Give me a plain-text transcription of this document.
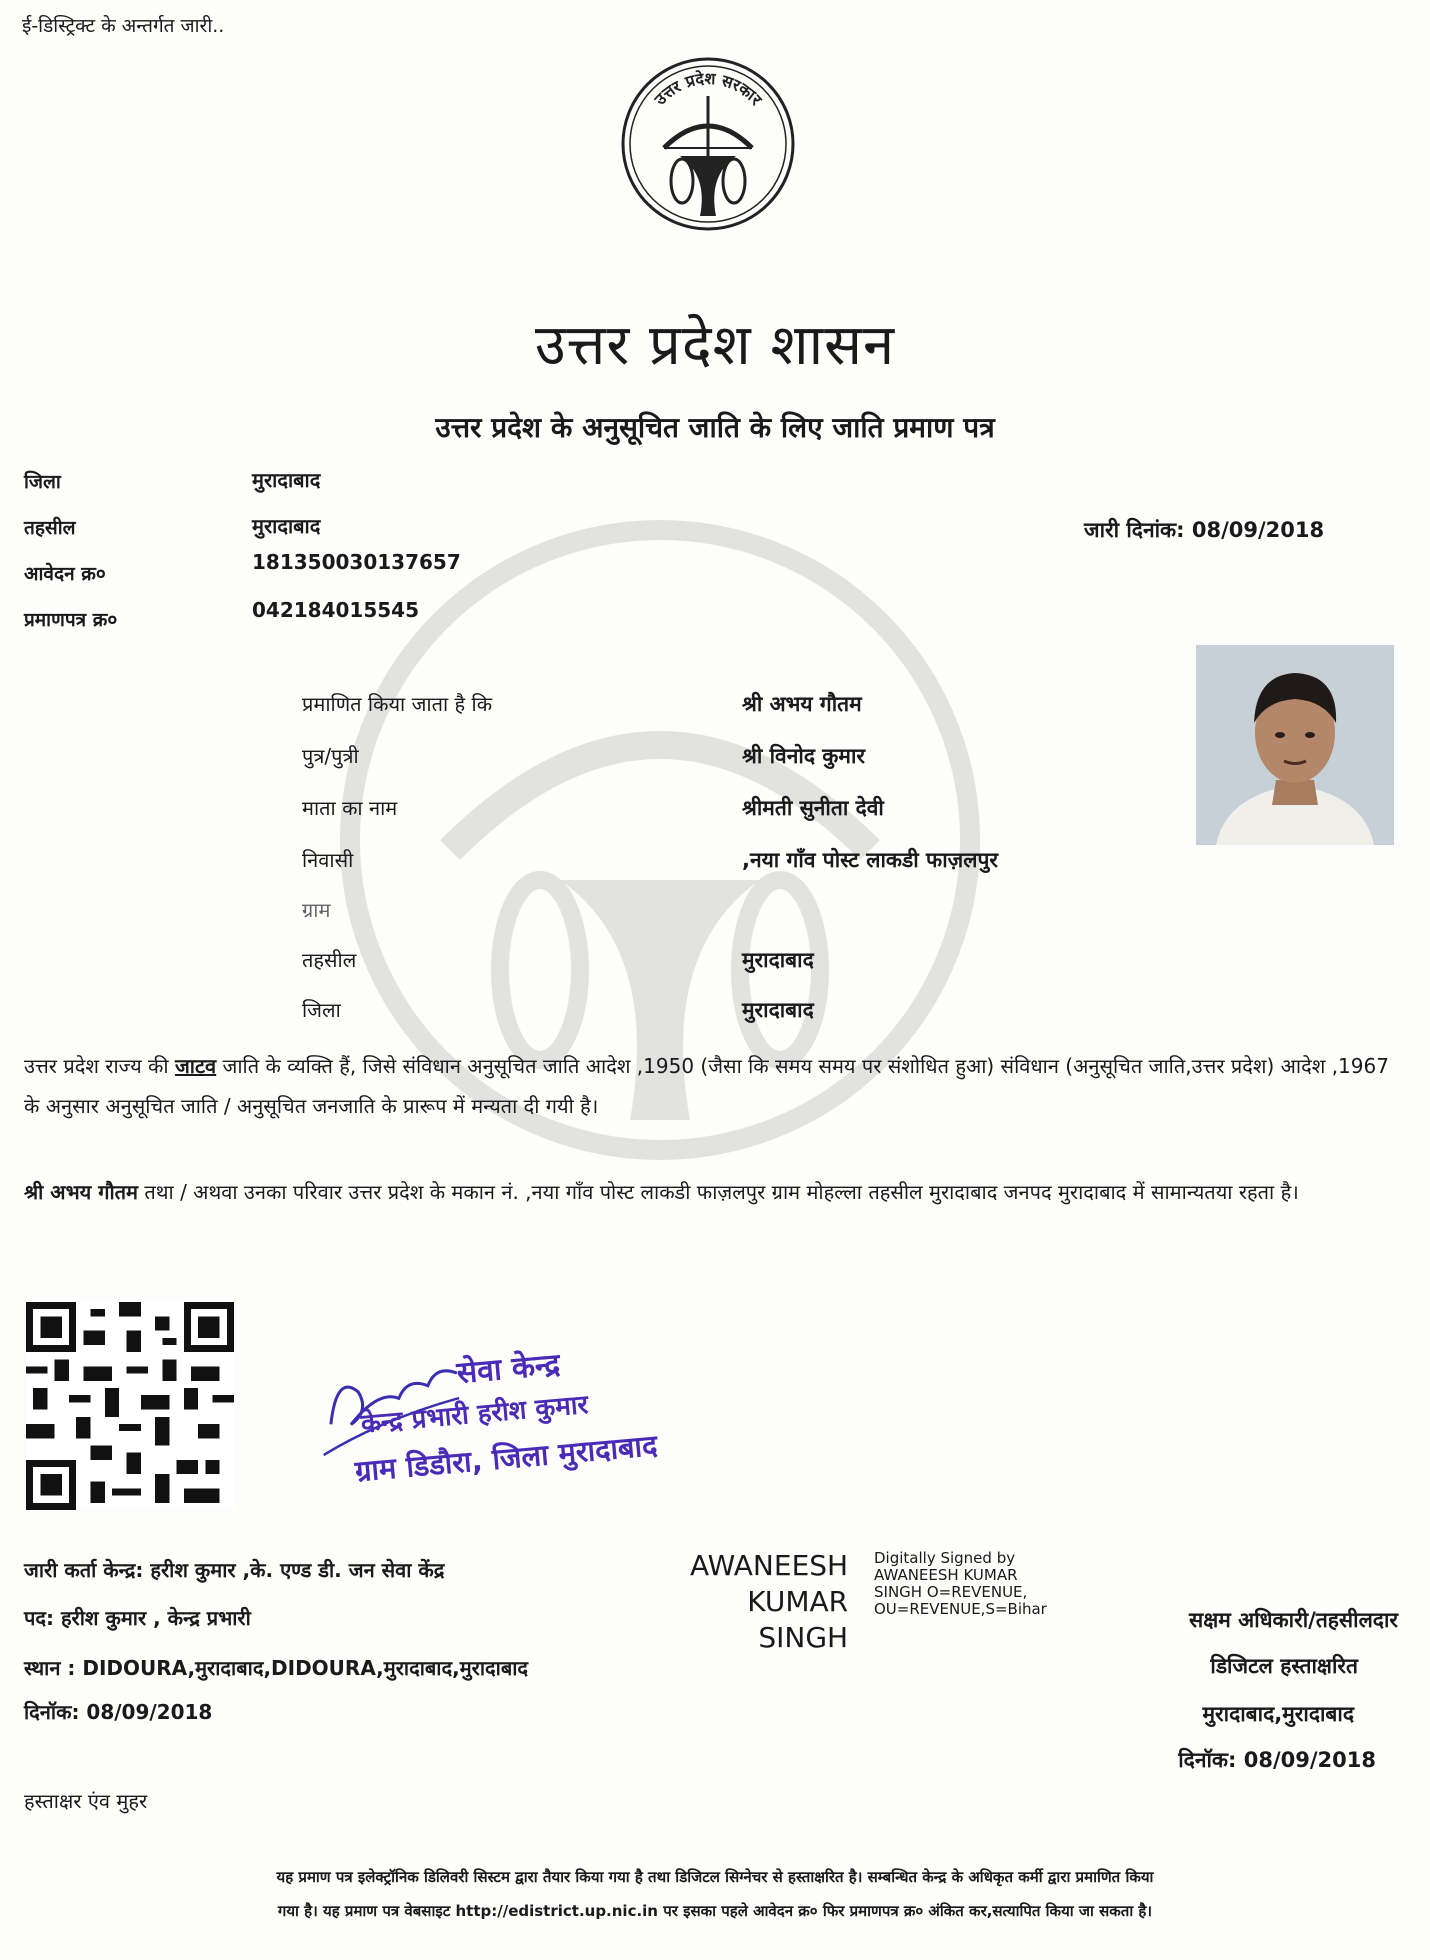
ई-डिस्ट्रिक्ट के अन्तर्गत जारी..
उत्तर प्रदेश सरकार
उत्तर प्रदेश शासन
उत्तर प्रदेश के अनुसूचित जाति के लिए जाति प्रमाण पत्र
जिला	मुरादाबाद
तहसील	मुरादाबाद
आवेदन क्र०	181350030137657
प्रमाणपत्र क्र०	042184015545
जारी दिनांक: 08/09/2018
प्रमाणित किया जाता है कि	श्री अभय गौतम
पुत्र/पुत्री	श्री विनोद कुमार
माता का नाम	श्रीमती सुनीता देवी
निवासी	,नया गाँव पोस्ट लाकडी फाज़लपुर
ग्राम
तहसील	मुरादाबाद
जिला	मुरादाबाद
उत्तर प्रदेश राज्य की जाटव जाति के व्यक्ति हैं, जिसे संविधान अनुसूचित जाति आदेश ,1950 (जैसा कि समय समय पर संशोधित हुआ) संविधान (अनुसूचित जाति,उत्तर प्रदेश) आदेश ,1967 के अनुसार अनुसूचित जाति / अनुसूचित जनजाति के प्रारूप में मन्यता दी गयी है।
श्री अभय गौतम तथा / अथवा उनका परिवार उत्तर प्रदेश के मकान नं. ,नया गाँव पोस्ट लाकडी फाज़लपुर ग्राम मोहल्ला तहसील मुरादाबाद जनपद मुरादाबाद में सामान्यतया रहता है।
सेवा केन्द्र
केन्द्र प्रभारी हरीश कुमार
ग्राम डिडौरा, जिला मुरादाबाद
जारी कर्ता केन्द्र: हरीश कुमार ,के. एण्ड डी. जन सेवा केंद्र
पद: हरीश कुमार , केन्द्र प्रभारी
स्थान : DIDOURA,मुरादाबाद,DIDOURA,मुरादाबाद,मुरादाबाद
दिनॉक: 08/09/2018
AWANEESH
KUMAR
SINGH
Digitally Signed by
AWANEESH KUMAR
SINGH O=REVENUE,
OU=REVENUE,S=Bihar	सक्षम अधिकारी/तहसीलदार
डिजिटल हस्ताक्षरित
मुरादाबाद,मुरादाबाद
दिनॉक: 08/09/2018
हस्ताक्षर एंव मुहर
यह प्रमाण पत्र इलेक्ट्रॉनिक डिलिवरी सिस्टम द्वारा तैयार किया गया है तथा डिजिटल सिग्नेचर से हस्ताक्षरित है। सम्बन्धित केन्द्र के अधिकृत कर्मी द्वारा प्रमाणित किया
गया है। यह प्रमाण पत्र वेबसाइट http://edistrict.up.nic.in पर इसका पहले आवेदन क्र० फिर प्रमाणपत्र क्र० अंकित कर,सत्यापित किया जा सकता है।
